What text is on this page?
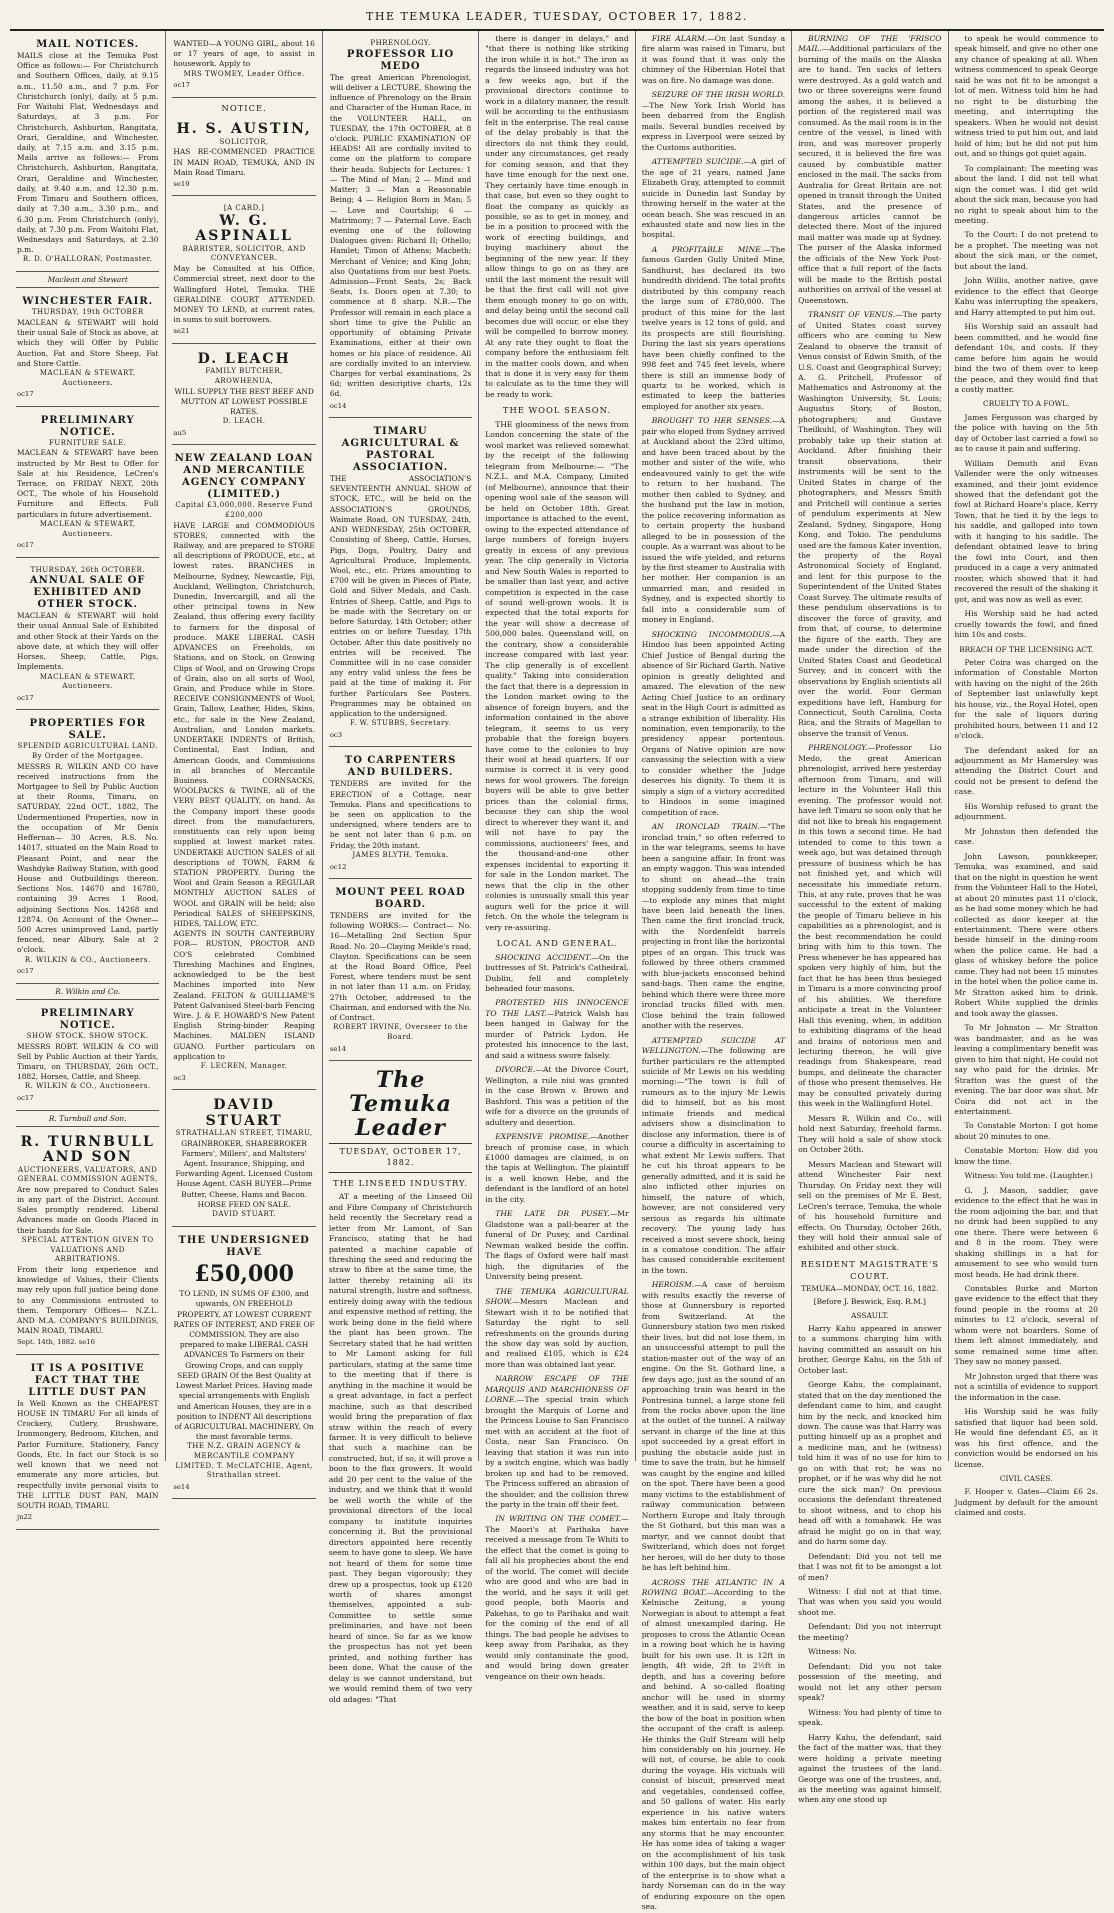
THE TEMUKA LEADER, TUESDAY, OCTOBER 17, 1882.
MAIL NOTICES.
MAILS close at the Temuka Post Office as follows:— For Christchurch and Southern Offices, daily, at 9.15 a.m., 11.50 a.m., and 7 p.m. For Christchurch (only), daily, at 5 p.m. For Waitohi Flat, Wednesdays and Saturdays, at 3 p.m. For Christchurch, Ashburton, Rangitata, Orari, Geraldine, and Winchester, daily, at 7.15 a.m. and 3.15 p.m. Mails arrive as follows:— From Christchurch, Ashburton, Rangitata, Orari, Geraldine and Winchester, daily, at 9.40 a.m. and 12.30 p.m. From Timaru and Southern offices, daily at 7.30 a.m., 3.30 p.m., and 6.30 p.m. From Christchurch (only), daily, at 7.30 p.m. From Waitohi Flat, Wednesdays and Saturdays, at 2.30 p.m.
R. D. O'HALLORAN, Postmaster.
Maclean and Stewart
WINCHESTER FAIR.
THURSDAY, 19th OCTOBER
MACLEAN & STEWART will hold their usual Sale of Stock as above, at which they will Offer by Public Auction, Fat and Store Sheep, Fat and Store Cattle.
MACLEAN & STEWART, Auctioneers.
oc17
PRELIMINARY NOTICE.
FURNITURE SALE.
MACLEAN & STEWART have been instructed by Mr Best to Offer for Sale at his Residence, LeCren's Terrace, on FRIDAY NEXT, 20th OCT., The whole of his Household Furniture and Effects. Full particulars in future advertisement.
MACLEAN & STEWART, Auctioneers.
oc17
THURSDAY, 26th OCTOBER.
ANNUAL SALE OF EXHIBITED AND OTHER STOCK.
MACLEAN & STEWART will hold their usual Annual Sale of Exhibited and other Stock at their Yards on the above date, at which they will offer Horses, Sheep, Cattle, Pigs, Implements.
MACLEAN & STEWART, Auctioneers.
oc17
PROPERTIES FOR SALE.
SPLENDID AGRICULTURAL LAND.
By Order of the Mortgagee.
MESSRS R. WILKIN AND CO have received instructions from the Mortgagee to Sell by Public Auction at their Rooms, Timaru, on SATURDAY, 22nd OCT., 1882, The Undermentioned Properties, now in the occupation of Mr Denis Heffernan— 30 Acres, R.S. No. 14017, situated on the Main Road to Pleasant Point, and near the Washdyke Railway Station, with good House and Outbuildings thereon. Sections Nos. 14670 and 16780, containing 39 Acres 1 Rood, adjoining Sections Nos. 14268 and 12874. On Account of the Owner— 500 Acres unimproved Land, partly fenced, near Albury. Sale at 2 o'clock.
R. WILKIN & CO., Auctioneers.
oc17
R. Wilkin and Co.
PRELIMINARY NOTICE.
SHOW STOCK. SHOW STOCK.
MESSRS ROBT. WILKIN & CO will Sell by Public Auction at their Yards, Timaru, on THURSDAY, 26th OCT., 1882, Horses, Cattle, and Sheep.
R. WILKIN & CO., Auctioneers.
oc17
R. Turnbull and Son.
R. TURNBULL AND SON
AUCTIONEERS, VALUATORS, AND GENERAL COMMISSION AGENTS,
Are now prepared to Conduct Sales in any part of the District. Account Sales promptly rendered. Liberal Advances made on Goods Placed in their hands for Sale.
SPECIAL ATTENTION GIVEN TO VALUATIONS AND ARBITRATIONS.
From their long experience and knowledge of Values, their Clients may rely upon full justice being done to any Commissions entrusted to them. Temporary Offices— N.Z.L. AND M.A. COMPANY'S BUILDINGS, MAIN ROAD, TIMARU.
Sept. 14th, 1882. se16
IT IS A POSITIVE FACT THAT THE LITTLE DUST PAN
Is Well Known as the CHEAPEST HOUSE IN TIMARU For all kinds of Crockery, Cutlery, Brushware, Ironmongery, Bedroom, Kitchen, and Parlor Furniture, Stationery, Fancy Goods, Etc. In fact our Stock is so well known that we need not enumerate any more articles, but respectfully invite personal visits to THE LITTLE DUST PAN, MAIN SOUTH ROAD, TIMARU.
jn22
WANTED—A YOUNG GIRL, about 16 or 17 years of age, to assist in housework. Apply to
MRS TWOMEY, Leader Office.
oc17
NOTICE.
H. S. AUSTIN,
SOLICITOR,
HAS RE-COMMENCED PRACTICE IN MAIN ROAD, TEMUKA, AND IN Main Road Timaru.
se19
[A CARD.]
W. G. ASPINALL
BARRISTER, SOLICITOR, AND CONVEYANCER.
May be Consulted at his Office, Commercial street, next door to the Wallingford Hotel, Temuka. THE GERALDINE COURT ATTENDED. MONEY TO LEND, at current rates, in sums to suit borrowers.
se21
D. LEACH
FAMILY BUTCHER,
AROWHENUA,
WILL SUPPLY THE BEST BEEF AND MUTTON AT LOWEST POSSIBLE RATES.
D. LEACH.
au5
NEW ZEALAND LOAN AND MERCANTILE AGENCY COMPANY (LIMITED.)
Capital £3,000,000. Reserve Fund £200,000
HAVE LARGE and COMMODIOUS STORES, connected with the Railway, and are prepared to STORE all descriptions of PRODUCE, etc., at lowest rates. BRANCHES in Melbourne, Sydney, Newcastle, Fiji, Auckland, Wellington, Christchurch, Dunedin, Invercargill, and all the other principal towns in New Zealand, thus offering every facility to farmers for the disposal of produce. MAKE LIBERAL CASH ADVANCES on Freeholds, on Stations, and on Stock, on Growing Clips of Wool, and on Growing Crops of Grain, also on all sorts of Wool, Grain, and Produce while in Store. RECEIVE CONSIGNMENTS of Wool, Grain, Tallow, Leather, Hides, Skins, etc., for sale in the New Zealand, Australian, and London markets. UNDERTAKE INDENTS of British, Continental, East Indian, and American Goods, and Commissions in all branches of Mercantile Business. CORNSACKS, WOOLPACKS & TWINE, all of the VERY BEST QUALITY, on hand. As the Company import these goods direct from the manufacturers, constituents can rely upon being supplied at lowest market rates. UNDERTAKE AUCTION SALES of all descriptions of TOWN, FARM & STATION PROPERTY. During the Wool and Grain Season a REGULAR MONTHLY AUCTION SALES of WOOL and GRAIN will be held; also Periodical SALES of SHEEPSKINS, HIDES, TALLOW, ETC.
AGENTS IN SOUTH CANTERBURY FOR— RUSTON, PROCTOR AND CO'S celebrated Combined Threshing Machines and Engines, acknowledged to be the best Machines imported into New Zealand. FELTON & GUILLIAME'S Patent Galvanised Steel-barb Fencing Wire. J. & F. HOWARD'S New Patent English String-binder Reaping Machines. MALDEN ISLAND GUANO. Further particulars on application to
F. LECREN, Manager.
oc3
DAVID STUART
STRATHALLAN STREET, TIMARU,
GRAINBROKER, SHAREBROKER Farmers', Millers', and Maltsters' Agent. Insurance, Shipping, and Forwarding Agent. Licensed Custom House Agent. CASH BUYER—Prime Butter, Cheese, Hams and Bacon. HORSE FEED ON SALE.
DAVID STUART.
THE UNDERSIGNED HAVE
£50,000
TO LEND, IN SUMS OF £300, and upwards, ON FREEHOLD PROPERTY, AT LOWEST CURRENT RATES OF INTEREST, AND FREE OF COMMISSION. They are also prepared to make LIBERAL CASH ADVANCES To Farmers on their Growing Crops, and can supply SEED GRAIN Of the Best Quality at Lowest Market Prices. Having made special arrangements with English and American Houses, they are in a position to INDENT All descriptions of AGRICULTURAL MACHINERY, On the most favorable terms.
THE N.Z. GRAIN AGENCY & MERCANTILE COMPANY LIMITED. T. McCLATCHIE, Agent, Strathallan street.
se14
PHRENOLOGY.
PROFESSOR LIO MEDO
The great American Phrenologist, will deliver a LECTURE, Showing the influence of Phrenology on the Brain and Character of the Human Race, in the VOLUNTEER HALL, on TUESDAY, the 17th OCTOBER, at 8 o'clock. PUBLIC EXAMINATION OF HEADS! All are cordially invited to come on the platform to compare their heads. Subjects for Lectures: 1 — The Mind of Man; 2 — Mind and Matter; 3 — Man a Reasonable Being; 4 — Religion Born in Man; 5 — Love and Courtship; 6 — Matrimony; 7 — Paternal Love. Each evening one of the following Dialogues given: Richard II; Othello; Hamlet; Timon of Athens; Macbeth; Merchant of Venice; and King John; also Quotations from our best Poets. Admission—Front Seats, 2s; Back Seats, 1s. Doors open at 7.30; to commence at 8 sharp. N.B.—The Professor will remain in each place a short time to give the Public an opportunity of obtaining Private Examinations, either at their own homes or his place of residence. All are cordially invited to an interview. Charges for verbal examinations, 2s 6d; written descriptive charts, 12s 6d.
oc14
TIMARU AGRICULTURAL & PASTORAL ASSOCIATION.
THE ASSOCIATION'S SEVENTEENTH ANNUAL SHOW of STOCK, ETC., will be held on the ASSOCIATION'S GROUNDS, Waimate Road, ON TUESDAY, 24th, AND WEDNESDAY, 25th OCTOBER, Consisting of Sheep, Cattle, Horses, Pigs, Dogs, Poultry, Dairy and Agricultural Produce, Implements, Wool, etc., etc. Prizes amounting to £700 will be given in Pieces of Plate, Gold and Silver Medals, and Cash. Entries of Sheep, Cattle, and Pigs to be made with the Secretary on or before Saturday, 14th October; other entries on or before Tuesday, 17th October. After this date positively no entries will be received. The Committee will in no case consider any entry valid unless the fees be paid at the time of making it. For further Particulars See Posters. Programmes may be obtained on application to the undersigned.
F. W. STUBBS, Secretary.
oc3
TO CARPENTERS AND BUILDERS.
TENDERS are invited for the ERECTION of a Cottage, near Temuka. Plans and specifications to be seen on application to the undersigned, where tenders are to be sent not later than 6 p.m. on Friday, the 20th instant.
JAMES BLYTH, Temuka.
oc12
MOUNT PEEL ROAD BOARD.
TENDERS are invited for the following WORKS:— Contract— No. 16—Metalling 2nd Section Spur Road. No. 20—Claying Meikle's road, Clayton. Specifications can be seen at the Road Board Office, Peel Forest, where tenders must be sent in not later than 11 a.m. on Friday, 27th October, addressed to the Chairman, and endorsed with the No. of Contract.
ROBERT IRVINE, Overseer to the Board.
se14
The Temuka Leader
TUESDAY, OCTOBER 17, 1882.
THE LINSEED INDUSTRY.

AT a meeting of the Linseed Oil and Fibre Company of Christchurch held recently the Secretary read a letter from Mr Lamont, of San Francisco, stating that he had patented a machine capable of threshing the seed and reducing the straw to fibre at the same time, the latter thereby retaining all its natural strength, lustre and softness, entirely doing away with the tedious and expensive method of retting, the work being done in the field where the plant has been grown. The Secretary stated that he had written to Mr Lamont asking for full particulars, stating at the same time to the meeting that if there is anything in the machine it would be a great advantage, in fact a perfect machine, such as that described would bring the preparation of flax straw within the reach of every farmer. It is very difficult to believe that such a machine can be constructed, but, if so, it will prove a boon to the flax growers. It would add 20 per cent to the value of the industry, and we think that it would be well worth the while of the provisional directors of the local company to institute inquiries concerning it. But the provisional directors appointed here recently seem to have gone to sleep. We have not heard of them for some time past. They began vigorously; they drew up a prospectus, took up £120 worth of shares amongst themselves, appointed a sub-Committee to settle some preliminaries, and have not been heard of since. So far as we know the prospectus has not yet been printed, and nothing further has been done. What the cause of the delay is we cannot understand, but we would remind them of two very old adages: "That

there is danger in delays," and "that there is nothing like striking the iron while it is hot." The iron as regards the linseed industry was hot a few weeks ago, but if the provisional directors continue to work in a dilatory manner, the result will be according to the enthusiasm felt in the enterprise. The real cause of the delay probably is that the directors do not think they could, under any circumstances, get ready for coming season, and that they have time enough for the next one. They certainly have time enough in that case, but even so they ought to float the company as quickly as possible, so as to get in money, and be in a position to proceed with the work of erecting buildings, and buying machinery about the beginning of the new year. If they allow things to go on as they are until the last moment the result will be that the first call will not give them enough money to go on with, and delay being until the second call becomes due will occur, or else they will be compelled to borrow money. At any rate they ought to float the company before the enthusiasm felt in the matter cools down, and when that is done it is very easy for them to calculate as to the time they will be ready to work.

THE WOOL SEASON.

THE gloominess of the news from London concerning the state of the wool market was relieved somewhat by the receipt of the following telegram from Melbourne:— "The N.Z.L. and M.A. Company, Limited (of Melbourne), announce that their opening wool sale of the season will be held on October 18th. Great importance is attached to the event, owing to the expected attendance of large numbers of foreign buyers greatly in excess of any previous year. The clip generally in Victoria and New South Wales is reported to be smaller than last year, and active competition is expected in the case of sound well-grown wools. It is expected that the total exports for the year will show a decrease of 500,000 bales. Queensland will, on the contrary, show a considerable increase compared with last year. The clip generally is of excellent quality." Taking into consideration the fact that there is a depression in the London market owing to the absence of foreign buyers, and the information contained in the above telegram, it seems to us very probable that the foreign buyers have come to the colonies to buy their wool at head quarters. If our surmise is correct it is very good news for wool growers. The foreign buyers will be able to give better prices than the colonial firms, because they can ship the wool direct to wherever they want it, and will not have to pay the commissions, auctioneers' fees, and the thousand-and-one other expenses incidental to exporting it for sale in the London market. The news that the clip in the other colonies is unusually small this year augurs well for the price it will fetch. On the whole the telegram is very re-assuring.

LOCAL AND GENERAL.

SHOCKING ACCIDENT.—On the buttresses of St. Patrick's Cathedral, Dublin, fell and completely beheaded four masons.

PROTESTED HIS INNOCENCE TO THE LAST.—Patrick Walsh has been hanged in Galway for the murder of Patrick Lydon. He protested his innocence to the last, and said a witness swore falsely.

DIVORCE.—At the Divorce Court, Wellington, a rule nisi was granted in the case Brown v. Brown and Bashford. This was a petition of the wife for a divorce on the grounds of adultery and desertion.

EXPENSIVE PROMISE.—Another breach of promise case, in which £1000 damages are claimed, is on the tapis at Wellington. The plaintiff is a well known Hebe, and the defendant is the landlord of an hotel in the city.

THE LATE DR PUSEY.—Mr Gladstone was a pall-bearer at the funeral of Dr Pusey, and Cardinal Newman walked beside the coffin. The flags of Oxford were half mast high, the dignitaries of the University being present.

THE TEMUKA AGRICULTURAL SHOW.—Messrs Maclean and Stewart wish it to be notified that Saturday the right to sell refreshments on the grounds during the show day was sold by auction, and realised £105, which is £24 more than was obtained last year.

NARROW ESCAPE OF THE MARQUIS AND MARCHIONESS OF LORNE.—The special train which brought the Marquis of Lorne and the Princess Louise to San Francisco met with an accident at the foot of Costa, near San Francisco. On leaving that station it was run into by a switch engine, which was badly broken up and had to be removed. The Princess suffered an abrasion of the shoulder, and the collision threw the party in the train off their feet.

IN WRITING ON THE COMET.—The Maori's at Parihaka have received a message from Te Whiti to the effect that the comet is going to fall all his prophecies about the end of the world. The comet will decide who are good and who are bad in the world, and he says it will get good people, both Maoris and Pakehas, to go to Parihaka and wait for the coming of the end of all things. The bad people he advises to keep away from Parihaka, as they would only contaminate the good, and would bring down greater vengeance on their own heads.

FIRE ALARM.—On last Sunday a fire alarm was raised in Timaru, but it was found that it was only the chimney of the Hibernian Hotel that was on fire. No damage was done.

SEIZURE OF THE IRISH WORLD.—The New York Irish World has been debarred from the English mails. Several bundles received by express in Liverpool were seized by the Customs authorities.

ATTEMPTED SUICIDE.—A girl of the age of 21 years, named Jane Elizabeth Gray, attempted to commit suicide in Dunedin last Sunday by throwing herself in the water at the ocean beach. She was rescued in an exhausted state and now lies in the hospital.

A PROFITABLE MINE.—The famous Garden Gully United Mine, Sandhurst, has declared its two hundredth dividend. The total profits distributed by this company reach the large sum of £780,000. The product of this mine for the last twelve years is 12 tons of gold, and its prospects are still flourishing. During the last six years operations have been chiefly confined to the 998 feet and 745 feet levels, where there is still an immense body of quartz to be worked, which is estimated to keep the batteries employed for another six years.

BROUGHT TO HER SENSES.—A pair who eloped from Sydney arrived at Auckland about the 23rd ultimo, and have been traced about by the mother and sister of the wife, who endeavoured vainly to get the wife to return to her husband. The mother then cabled to Sydney, and the husband put the law in motion, the police recovering information as to certain property the husband alleged to be in possession of the couple. As a warrant was about to be issued the wife yielded, and returns by the first steamer to Australia with her mother. Her companion is an unmarried man, and resided in Sydney, and is expected shortly to fall into a considerable sum of money in England.

SHOCKING INCOMMODUS.—A Hindoo has been appointed Acting Chief Justice of Bengal during the absence of Sir Richard Garth. Native opinion is greatly delighted and amazed. The elevation of the new Acting Chief Justice to an ordinary seat in the High Court is admitted as a strange exhibition of liberality. His nomination, even temporarily, to the presidency appear portentous. Organs of Native opinion are now canvassing the selection with a view to consider whether the Judge deserves his dignity. To them it is simply a sign of a victory accredited to Hindoos in some imagined competition of race.

AN IRONCLAD TRAIN.—"The ironclad train," so often referred to in the war telegrams, seems to have been a sanguine affair. In front was an empty waggon. This was intended to shunt on ahead—the train stopping suddenly from time to time—to explode any mines that might have been laid beneath the lines. Then came the first ironclad truck, with the Nordenfeldt barrels projecting in front like the horizontal pipes of an organ. This truck was followed by three others crammed with blue-jackets ensconsed behind sand-bags. Then came the engine, behind which there were three more ironclad trucks filled with men. Close behind the train followed another with the reserves.

ATTEMPTED SUICIDE AT WELLINGTON.—The following are further particulars re the attempted suicide of Mr Lewis on his wedding morning:—"The town is full of rumours as to the injury Mr Lewis did to himself, but as his most intimate friends and medical advisers show a disinclination to disclose any information, there is of course a difficulty in ascertaining to what extent Mr Lewis suffers. That he cut his throat appears to be generally admitted, and it is said he also inflicted other injuries on himself, the nature of which, however, are not considered very serious as regards his ultimate recovery. The young lady has received a most severe shock, being in a comatose condition. The affair has caused considerable excitement in the town.

HEROISM.—A case of heroism with results exactly the reverse of those at Gunnersbury is reported from Switzerland. At the Gunnersbury station two men risked their lives, but did not lose them, in an unsuccessful attempt to pull the station-master out of the way of an engine. On the St. Gothard line, a few days ago, just as the sound of an approaching train was heard in the Pontresina tunnel, a large stone fell from the rocks above upon the line at the outlet of the tunnel. A railway servant in charge of the line at this spot succeeded by a great effort in pushing the obstacle aside just in time to save the train, but he himself was caught by the engine and killed on the spot. There have been a good many victims to the establishment of railway communication between Northern Europe and Italy through the St Gothard, but this man was a martyr, and we cannot doubt that Switzerland, which does not forget her heroes, will do her duty to those he has left behind him.

ACROSS THE ATLANTIC IN A ROWING BOAT.—According to the Kelnische Zeitung, a young Norwegian is about to attempt a feat of almost unexampled daring. He proposes to cross the Atlantic Ocean in a rowing boat which he is having built for his own use. It is 12ft in length, 4ft wide, 2ft to 2½ft in depth, and has a covering before and behind. A so-called floating anchor will be used in stormy weather, and it is said, serve to keep the bow of the boat in position when the occupant of the craft is asleep. He thinks the Gulf Stream will help him considerably on his journey. He will not, of course, be able to cook during the voyage. His victuals will consist of biscuit, preserved meat and vegetables, condensed coffee, and 50 gallons of water. His early experience in his native waters makes him entertain no fear from any storms that he may encounter. He has some idea of taking a wager on the accomplishment of his task within 100 days, but the main object of the enterprise is to show what a hardy Norseman can do in the way of enduring exposure on the open sea.

BURNING OF THE 'FRISCO MAIL.—Additional particulars of the burning of the mails on the Alaska are to hand. Ten sacks of letters were destroyed. As a gold watch and two or three sovereigns were found among the ashes, it is believed a portion of the registered mail was consumed. As the mail room is in the centre of the vessel, is lined with iron, and was moreover properly secured, it is believed the fire was caused by combustible matter enclosed in the mail. The sacks from Australia for Great Britain are not opened in transit through the United States, and the presence of dangerous articles cannot be detected there. Most of the injured mail matter was made up at Sydney. The purser of the Alaska informed the officials of the New York Post-office that a full report of the facts will be made to the British postal authorities on arrival of the vessel at Queenstown.

TRANSIT OF VENUS.—The party of United States coast survey officers who are coming to New Zealand to observe the transit of Venus consist of Edwin Smith, of the U.S. Coast and Geographical Survey; A. G. Pritchell, Professor of Mathematics and Astronomy at the Washington University, St. Louis; Augustus Story, of Boston, photographers; and Gustave Theilkuhl, of Washington. They will probably take up their station at Auckland. After finishing their transit observations, their instruments will be sent to the United States in charge of the photographers, and Messrs Smith and Pritchell will continue a series of pendulum experiments at New Zealand, Sydney, Singapore, Hong Kong, and Tokio. The pendulums used are the famous Kater invention, the property of the Royal Astronomical Society of England, and lent for this purpose to the Superintendent of the United States Coast Survey. The ultimate results of these pendulum observations is to discover the force of gravity, and from that, of course, to determine the figure of the earth. They are made under the direction of the United States Coast and Geodetical Survey, and in concert with the observations by English scientists all over the world. Four German expeditions have left, Hamburg for Connecticut, South Carolina, Costa Rica, and the Straits of Magellan to observe the transit of Venus.

PHRENOLOGY.—Professor Lio Medo, the great American phrenologist, arrived here yesterday afternoon from Timaru, and will lecture in the Volunteer Hall this evening. The professor would not have left Timaru so soon only that he did not like to break his engagement in this town a second time. He had intended to come to this town a week ago, but was detained through pressure of business which he has not finished yet, and which will necessitate his immediate return. This, at any rate, proves that he was successful to the extent of making the people of Timaru believe in his capabilities as a phrenologist, and is the best recommendation he could bring with him to this town. The Press whenever he has appeared has spoken very highly of him, but the fact that he has been thus besieged in Timaru is a more convincing proof of his abilities. We therefore anticipate a treat in the Volunteer Hall this evening, when, in addition to exhibiting diagrams of the head and brains of notorious men and lecturing thereon, he will give readings from Shakespeare, read bumps, and delineate the character of those who present themselves. He may be consulted privately during this week in the Wallingford Hotel.

Messrs R. Wilkin and Co., will hold next Saturday, freehold farms. They will hold a sale of show stock on October 26th.

Messrs Maclean and Stewart will attend Winchester Fair next Thursday. On Friday next they will sell on the premises of Mr E. Best, LeCren's terrace, Temuka, the whole of his household furniture and effects. On Thursday, October 26th, they will hold their annual sale of exhibited and other stock.

RESIDENT MAGISTRATE'S COURT.
TEMUKA—MONDAY, OCT. 16, 1882.
[Before J. Beswick, Esq. R.M.]
ASSAULT.

Harry Kahu appeared in answer to a summons charging him with having committed an assault on his brother, George Kahu, on the 5th of October last.

George Kahu, the complainant, stated that on the day mentioned the defendant came to him, and caught him by the neck, and knocked him down. The cause was that Harry was putting himself up as a prophet and a medicine man, and he (witness) told him it was of no use for him to go on with that rot; he was no prophet, or if he was why did he not cure the sick man? On previous occasions the defendant threatened to shoot witness, and to chop his head off with a tomahawk. He was afraid he might go on in that way, and do harm some day.

Defendant: Did you not tell me that I was not fit to be amongst a lot of men?

Witness: I did not at that time. That was when you said you would shoot me.

Defendant: Did you not interrupt the meeting?

Witness: No.

Defendant: Did you not take possession of the meeting, and would not let any other person speak?

Witness: You had plenty of time to speak.

Harry Kahu, the defendant, said the fact of the matter was, that they were holding a private meeting against the trustees of the land. George was one of the trustees, and, as the meeting was against himself, when any one stood up

to speak he would commence to speak himself, and give no other one any chance of speaking at all. When witness commenced to speak George said he was not fit to be amongst a lot of men. Witness told him he had no right to be disturbing the meeting, and interrupting the speakers. When he would not desist witness tried to put him out, and laid hold of him; but he did not put him out, and so things got quiet again.

To complainant: The meeting was about the land. I did not tell what sign the comet was. I did get wild about the sick man, because you had no right to speak about him to the meeting.

To the Court: I do not pretend to be a prophet. The meeting was not about the sick man, or the comet, but about the land.

John Willis, another native, gave evidence to the effect that George Kahu was interrupting the speakers, and Harry attempted to put him out.

His Worship said an assault had been committed, and he would fine defendant 10s, and costs. If they came before him again he would bind the two of them over to keep the peace, and they would find that a costly matter.

CRUELTY TO A FOWL.

James Fergusson was charged by the police with having on the 5th day of October last carried a fowl so as to cause it pain and suffering.

William Demuth and Evan Vallender were the only witnesses examined, and their joint evidence showed that the defendant got the fowl at Richard Hoare's place, Kerry Town, that he tied it by the legs to his saddle, and galloped into town with it hanging to his saddle. The defendant obtained leave to bring the fowl into Court, and then produced in a cage a very animated rooster, which showed that it had recovered the result of the shaking it got, and was now as well as ever.

His Worship said he had acted cruelly towards the fowl, and fined him 10s and costs.

BREACH OF THE LICENSING ACT.

Peter Coira was charged on the information of Constable Morton with having on the night of the 26th of September last unlawfully kept his house, viz., the Royal Hotel, open for the sale of liquors during prohibited hours, between 11 and 12 o'clock.

The defendant asked for an adjournment as Mr Hamersley was attending the District Court and could not be present to defend the case.

His Worship refused to grant the adjournment.

Mr Johnston then defended the case.

John Lawson, pounkkeeper, Temuka, was examined, and said that on the night in question he went from the Volunteer Hall to the Hotel, at about 20 minutes past 11 o'clock, as he had some money which he had collected as door keeper at the entertainment. There were others beside himself in the dining-room when the police came. He had a glass of whiskey before the police came. They had not been 15 minutes in the hotel when the police came in. Mr Stratton asked him to drink. Robert White supplied the drinks and took away the glasses.

To Mr Johnston — Mr Stratton was bandmaster, and as he was leaving a complimentary benefit was given to him that night. He could not say who paid for the drinks. Mr Stratton was the guest of the evening. The bar door was shut. Mr Coira did not act in the entertainment.

To Constable Morton: I got home about 20 minutes to one.

Constable Morton: How did you know the time.

Witness: You told me. (Laughter.)

G. J. Mason, saddler, gave evidence to the effect that he was in the room adjoining the bar, and that no drink had been supplied to any one there. There were between 6 and 8 in the room. They were shaking shillings in a hat for amusement to see who would turn most heads. He had drink there.

Constables Burke and Morton gave evidence to the effect that they found people in the rooms at 20 minutes to 12 o'clock, several of whom were not boarders. Some of them left almost immediately, and some remained some time after. They saw no money passed.

Mr Johnston urged that there was not a scintilla of evidence to support the information in the case.

His Worship said he was fully satisfied that liquor had been sold. He would fine defendant £5, as it was his first offence, and the conviction would be endorsed on his license.

CIVIL CASES.

F. Hooper v. Gates—Claim £6 2s. Judgment by default for the amount claimed and costs.
